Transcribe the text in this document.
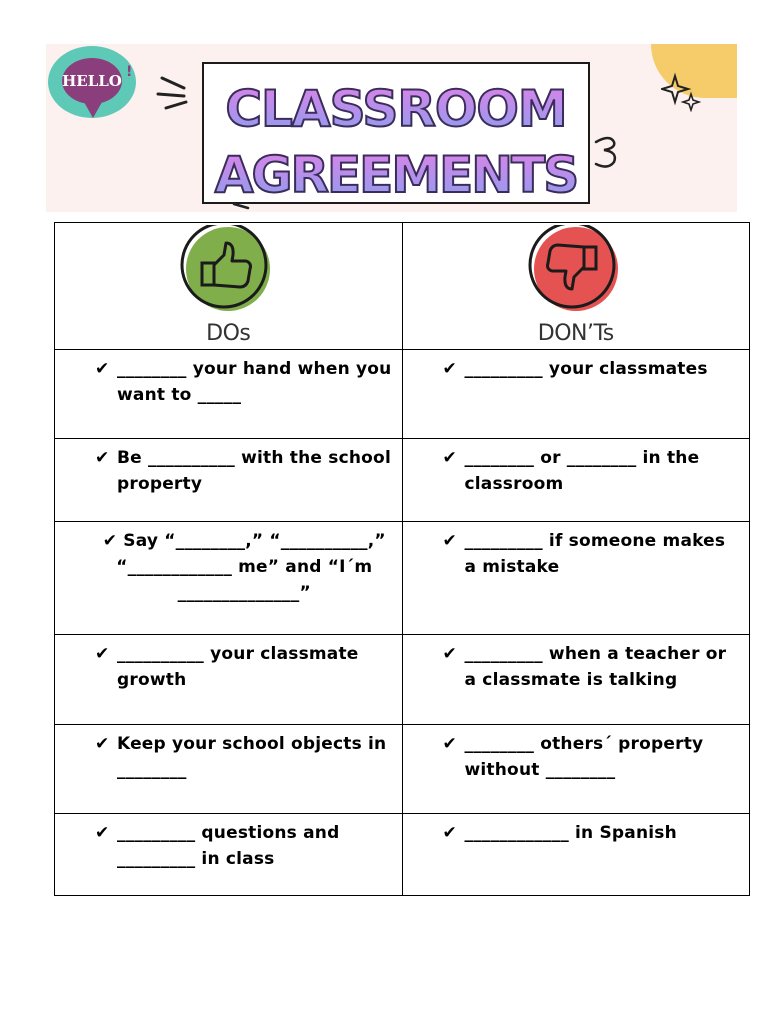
HELLO !
CLASSROOM
AGREEMENTS
DOs	DON’Ts

✔ ________ your hand when you want to _____	✔ _________ your classmates

✔ Be __________ with the school property	✔ ________ or ________ in the classroom

✔ Say “________,” “__________,” “____________ me” and “I´m ______________”	✔ _________ if someone makes a mistake

✔ __________ your classmate growth	✔ _________ when a teacher or a classmate is talking

✔ Keep your school objects in ________	✔ ________ others´ property without ________

✔ _________ questions and _________ in class	✔ ____________ in Spanish
